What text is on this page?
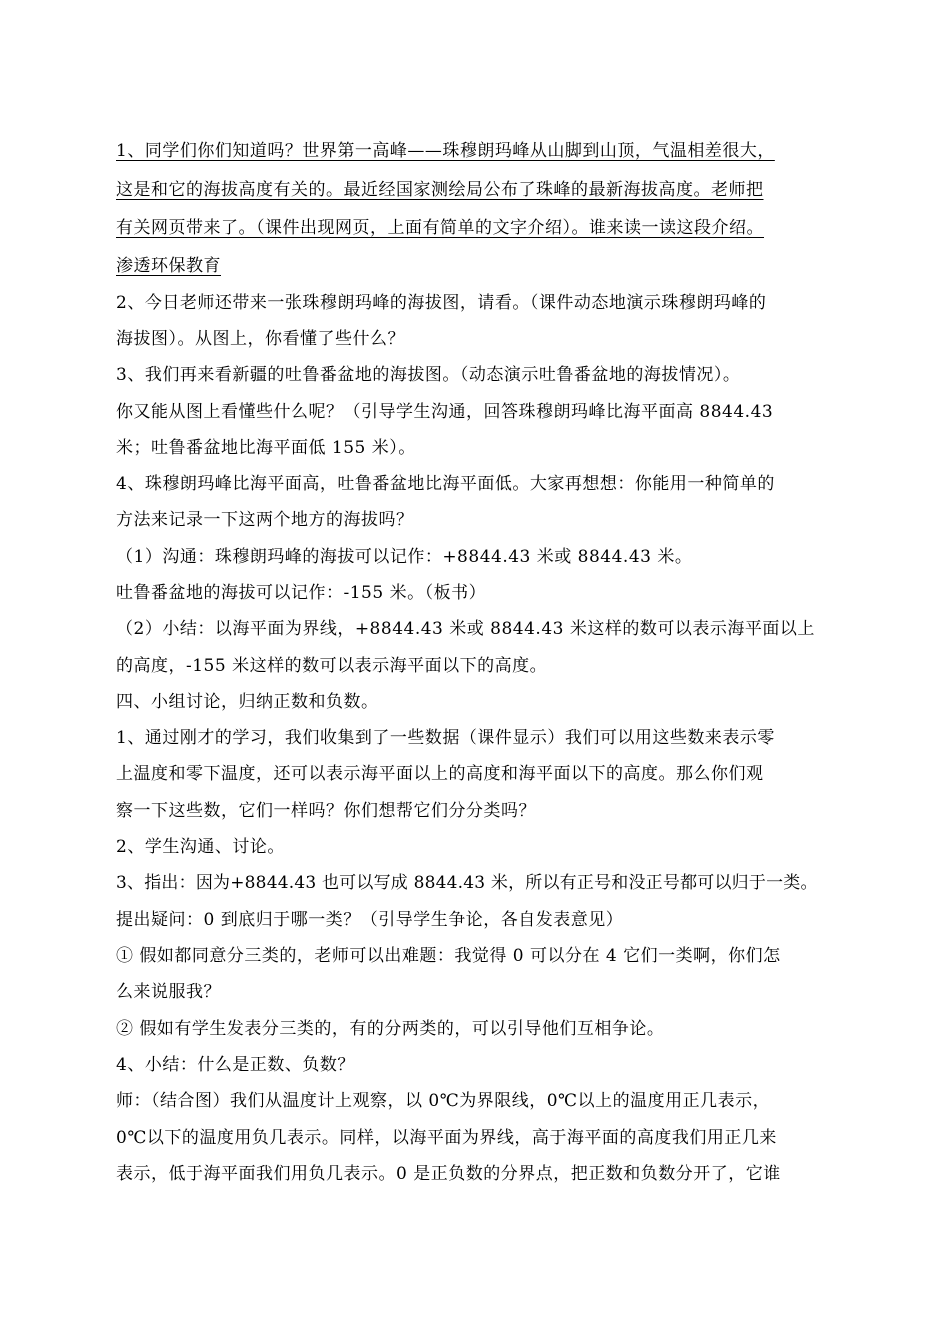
1、同学们你们知道吗？世界第一高峰——珠穆朗玛峰从山脚到山顶，气温相差很大，
这是和它的海拔高度有关的。最近经国家测绘局公布了珠峰的最新海拔高度。老师把
有关网页带来了。（课件出现网页，上面有简单的文字介绍）。谁来读一读这段介绍。
渗透环保教育
2、今日老师还带来一张珠穆朗玛峰的海拔图，请看。（课件动态地演示珠穆朗玛峰的
海拔图）。从图上，你看懂了些什么？
3、我们再来看新疆的吐鲁番盆地的海拔图。（动态演示吐鲁番盆地的海拔情况）。
你又能从图上看懂些什么呢？（引导学生沟通，回答珠穆朗玛峰比海平面高 8844.43
米；吐鲁番盆地比海平面低 155 米）。
4、珠穆朗玛峰比海平面高，吐鲁番盆地比海平面低。大家再想想：你能用一种简单的
方法来记录一下这两个地方的海拔吗？
（1）沟通：珠穆朗玛峰的海拔可以记作：+8844.43 米或 8844.43 米。
吐鲁番盆地的海拔可以记作：-155 米。（板书）
（2）小结：以海平面为界线，+8844.43 米或 8844.43 米这样的数可以表示海平面以上
的高度，-155 米这样的数可以表示海平面以下的高度。
四、小组讨论，归纳正数和负数。
1、通过刚才的学习，我们收集到了一些数据（课件显示）我们可以用这些数来表示零
上温度和零下温度，还可以表示海平面以上的高度和海平面以下的高度。那么你们观
察一下这些数，它们一样吗？你们想帮它们分分类吗？
2、学生沟通、讨论。
3、指出：因为+8844.43 也可以写成 8844.43 米，所以有正号和没正号都可以归于一类。
提出疑问：0 到底归于哪一类？（引导学生争论，各自发表意见）
① 假如都同意分三类的，老师可以出难题：我觉得 0 可以分在 4 它们一类啊，你们怎
么来说服我？
② 假如有学生发表分三类的，有的分两类的，可以引导他们互相争论。
4、小结：什么是正数、负数？
师：（结合图）我们从温度计上观察，以 0℃为界限线，0℃以上的温度用正几表示，
0℃以下的温度用负几表示。同样，以海平面为界线，高于海平面的高度我们用正几来
表示，低于海平面我们用负几表示。0 是正负数的分界点，把正数和负数分开了，它谁
